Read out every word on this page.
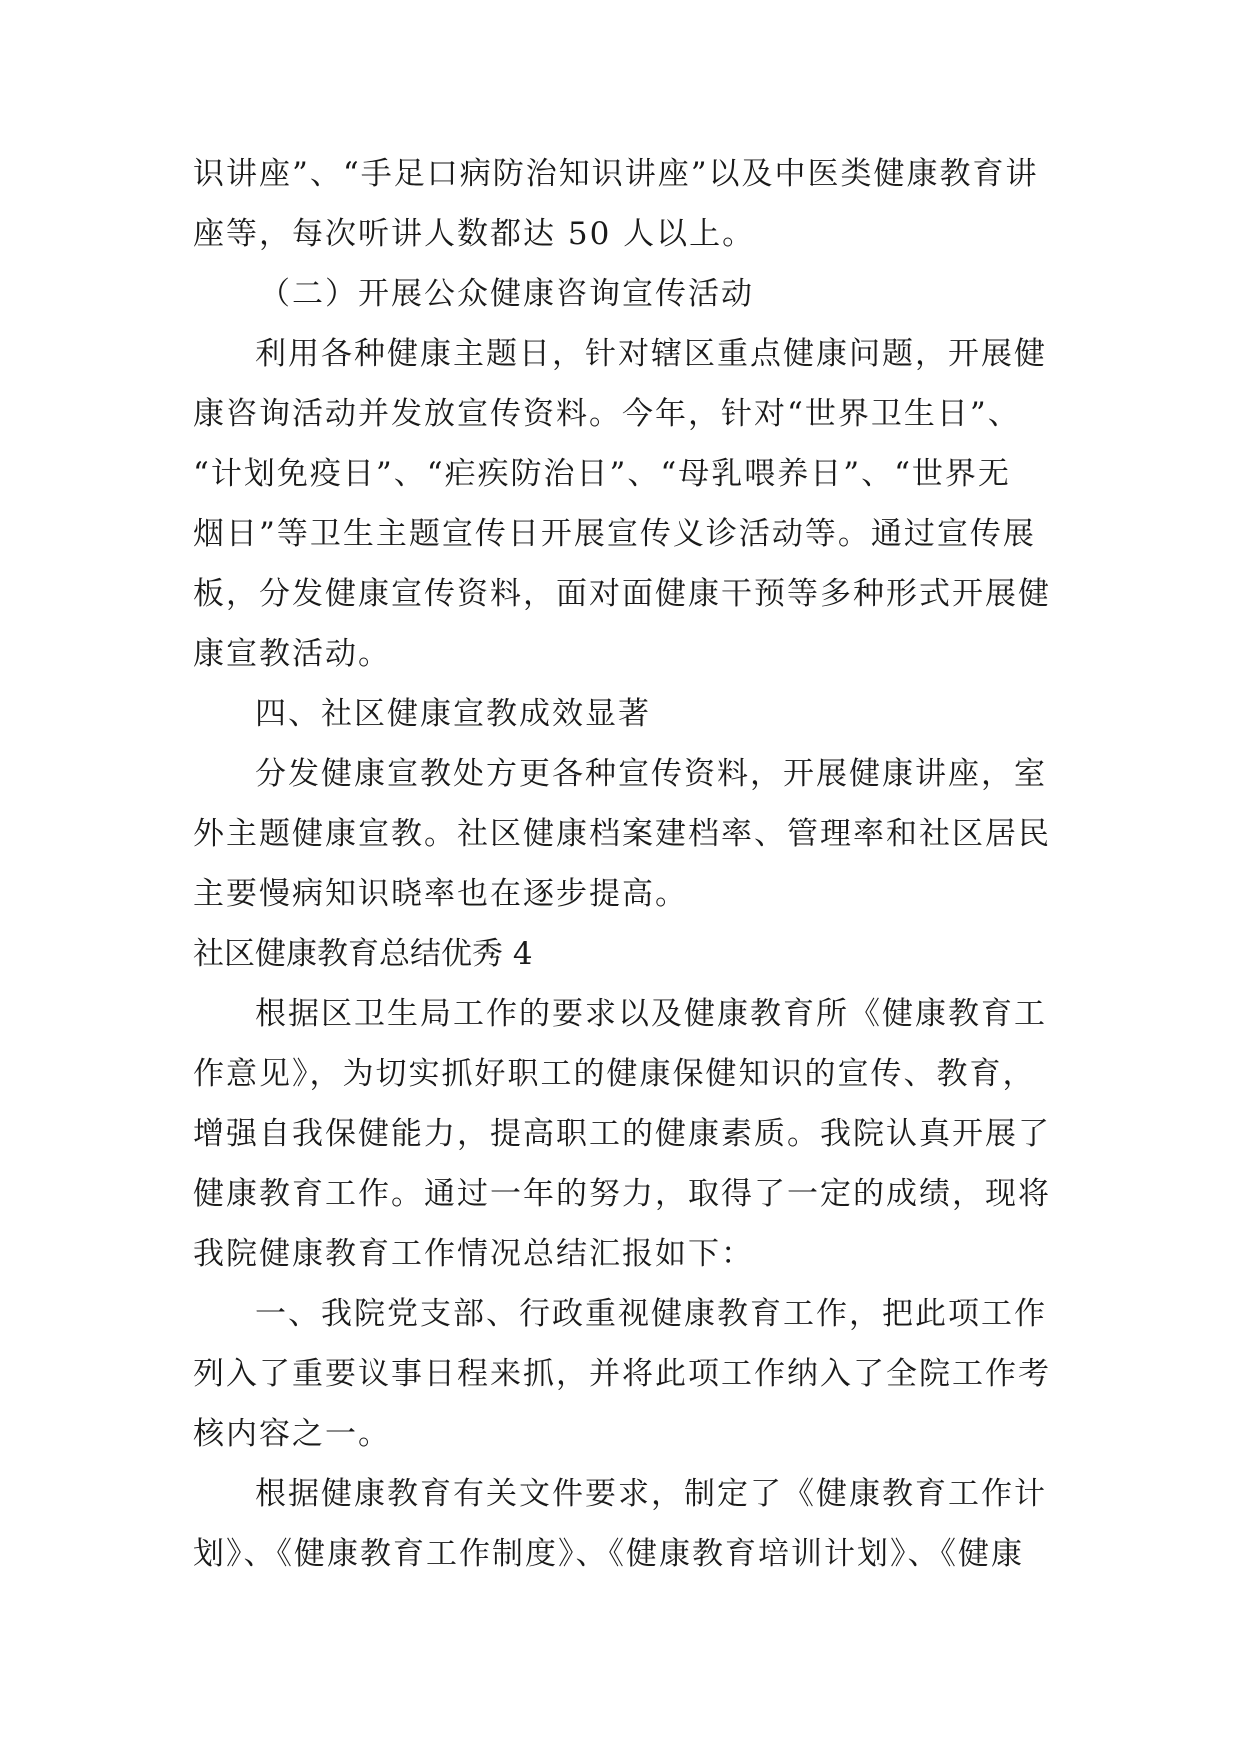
识讲座”、“手足口病防治知识讲座”以及中医类健康教育讲
座等，每次听讲人数都达 50 人以上。
（二）开展公众健康咨询宣传活动
利用各种健康主题日，针对辖区重点健康问题，开展健
康咨询活动并发放宣传资料。今年，针对“世界卫生日”、
“计划免疫日”、“疟疾防治日”、“母乳喂养日”、“世界无
烟日”等卫生主题宣传日开展宣传义诊活动等。通过宣传展
板，分发健康宣传资料，面对面健康干预等多种形式开展健
康宣教活动。
四、社区健康宣教成效显著
分发健康宣教处方更各种宣传资料，开展健康讲座，室
外主题健康宣教。社区健康档案建档率、管理率和社区居民
主要慢病知识晓率也在逐步提高。
社区健康教育总结优秀 4
根据区卫生局工作的要求以及健康教育所《健康教育工
作意见》，为切实抓好职工的健康保健知识的宣传、教育，
增强自我保健能力，提高职工的健康素质。我院认真开展了
健康教育工作。通过一年的努力，取得了一定的成绩，现将
我院健康教育工作情况总结汇报如下：
一、我院党支部、行政重视健康教育工作，把此项工作
列入了重要议事日程来抓，并将此项工作纳入了全院工作考
核内容之一。
根据健康教育有关文件要求，制定了《健康教育工作计
划》、《健康教育工作制度》、《健康教育培训计划》、《健康
